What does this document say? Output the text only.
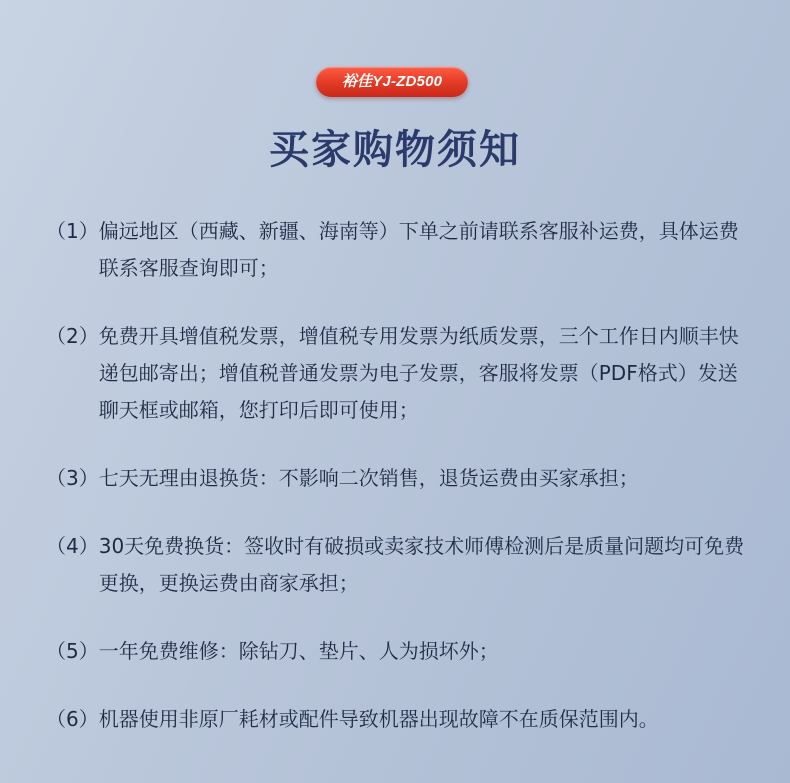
裕佳YJ-ZD500
买家购物须知
（1） 偏远地区（西藏、新疆、海南等）下单之前请联系客服补运费，具体运费联系客服查询即可；
（2） 免费开具增值税发票，增值税专用发票为纸质发票，三个工作日内顺丰快递包邮寄出；增值税普通发票为电子发票，客服将发票（PDF格式）发送聊天框或邮箱，您打印后即可使用；
（3） 七天无理由退换货：不影响二次销售，退货运费由买家承担；
（4） 30天免费换货：签收时有破损或卖家技术师傅检测后是质量问题均可免费更换，更换运费由商家承担；
（5） 一年免费维修：除钻刀、垫片、人为损坏外；
（6） 机器使用非原厂耗材或配件导致机器出现故障不在质保范围内。
